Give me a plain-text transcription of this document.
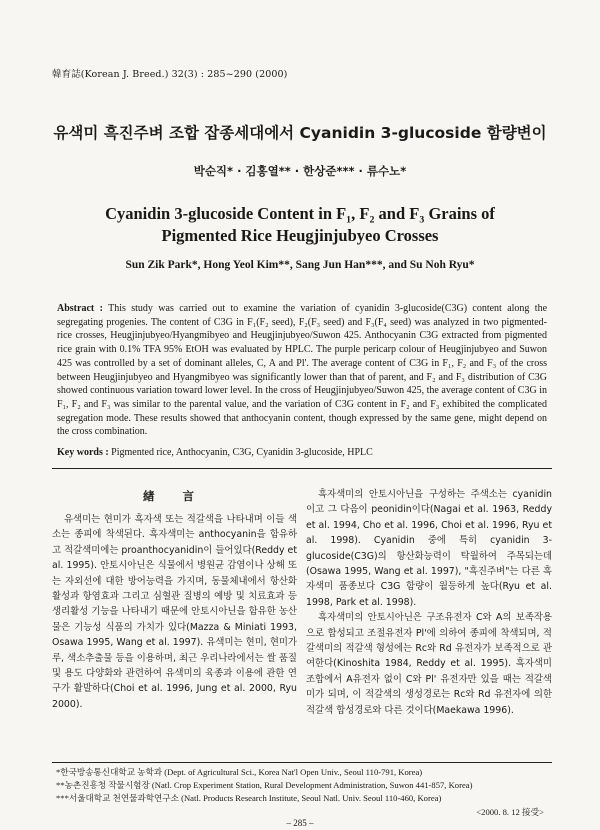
韓育誌(Korean J. Breed.) 32(3) : 285~290 (2000)
유색미 흑진주벼 조합 잡종세대에서 Cyanidin 3-glucoside 함량변이
박순직* · 김홍열** · 한상준*** · 류수노*
Cyanidin 3-glucoside Content in F₁, F₂ and F₃ Grains of
Pigmented Rice Heugjinjubyeo Crosses
Sun Zik Park*, Hong Yeol Kim**, Sang Jun Han***, and Su Noh Ryu*
Abstract : This study was carried out to examine the variation of cyanidin 3-glucoside(C3G) content along the segregating progenies. The content of C3G in F₁(F₂ seed), F₂(F₃ seed) and F₃(F₄ seed) was analyzed in two pigmented-rice crosses, Heugjinjubyeo/Hyangmibyeo and Heugjinjubyeo/Suwon 425. Anthocyanin C3G extracted from pigmented rice grain with 0.1% TFA 95% EtOH was evaluated by HPLC. The purple pericarp colour of Heugjinjubyeo and Suwon 425 was controlled by a set of dominant alleles, C, A and Pl'. The average content of C3G in F₁, F₂ and F₃ of the cross between Heugjinjubyeo and Hyangmibyeo was significantly lower than that of parent, and F₂ and F₃ distribution of C3G showed continuous variation toward lower level. In the cross of Heugjinjubyeo/Suwon 425, the average content of C3G in F₁, F₂ and F₃ was similar to the parental value, and the variation of C3G content in F₂ and F₃ exhibited the complicated segregation mode. These results showed that anthocyanin content, though expressed by the same gene, might depend on the cross combination.
Key words : Pigmented rice, Anthocyanin, C3G, Cyanidin 3-glucoside, HPLC
緖 言

유색미는 현미가 흑자색 또는 적갈색을 나타내며 이들 색소는 종피에 착색된다. 흑자색미는 anthocyanin을 함유하고 적갈색미에는 proanthocyanidin이 들어있다(Reddy et al. 1995). 안토시아닌은 식물에서 병원균 감염이나 상해 또는 자외선에 대한 방어능력을 가지며, 동물체내에서 항산화활성과 항염효과 그리고 심혈관 질병의 예방 및 치료효과 등 생리활성 기능을 나타내기 때문에 안토시아닌을 함유한 농산물은 기능성 식품의 가치가 있다(Mazza & Miniati 1993, Osawa 1995, Wang et al. 1997). 유색미는 현미, 현미가루, 색소추출물 등을 이용하며, 최근 우리나라에서는 쌀 품질 및 용도 다양화와 관련하여 유색미의 육종과 이용에 관한 연구가 활발하다(Choi et al. 1996, Jung et al. 2000, Ryu 2000).

흑자색미의 안토시아닌을 구성하는 주색소는 cyanidin 이고 그 다음이 peonidin이다(Nagai et al. 1963, Reddy et al. 1994, Cho et al. 1996, Choi et al. 1996, Ryu et al. 1998). Cyanidin 중에 특히 cyanidin 3-glucoside(C3G)의 항산화능력이 탁월하여 주목되는데(Osawa 1995, Wang et al. 1997), "흑진주벼"는 다른 흑자색미 품종보다 C3G 함량이 월등하게 높다(Ryu et al. 1998, Park et al. 1998).

흑자색미의 안토시아닌은 구조유전자 C와 A의 보족작용으로 합성되고 조절유전자 Pl'에 의하여 종피에 착색되며, 적갈색미의 적갈색 형성에는 Rc와 Rd 유전자가 보족적으로 관여한다(Kinoshita 1984, Reddy et al. 1995). 흑자색미 조합에서 A유전자 없이 C와 Pl' 유전자만 있을 때는 적갈색미가 되며, 이 적갈색의 생성경로는 Rc와 Rd 유전자에 의한 적갈색 합성경로와 다른 것이다(Maekawa 1996).

*한국방송통신대학교 농학과 (Dept. of Agricultural Sci., Korea Nat'l Open Univ., Seoul 110-791, Korea)
**농촌진흥청 작물시험장 (Natl. Crop Experiment Station, Rural Development Administration, Suwon 441-857, Korea)
***서울대학교 천연물과학연구소 (Natl. Products Research Institute, Seoul Natl. Univ. Seoul 110-460, Korea)
<2000. 8. 12 接受>
– 285 –
